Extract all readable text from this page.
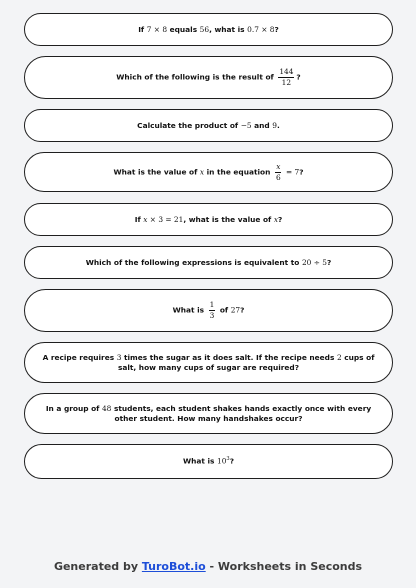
If 7 × 8 equals 56, what is 0.7 × 8?
Which of the following is the result of $\frac{144}{12}$ ?
Calculate the product of −5 and 9.
What is the value of x in the equation $\frac{x}{6} = 7$?
If x × 3 = 21, what is the value of x?
Which of the following expressions is equivalent to 20 ÷ 5?
What is $\frac{1}{3}$ of 27?
A recipe requires 3 times the sugar as it does salt. If the recipe needs 2 cups of salt, how many cups of sugar are required?
In a group of 48 students, each student shakes hands exactly once with every other student. How many handshakes occur?
What is $10^3$?
Generated by TuroBot.io - Worksheets in Seconds
